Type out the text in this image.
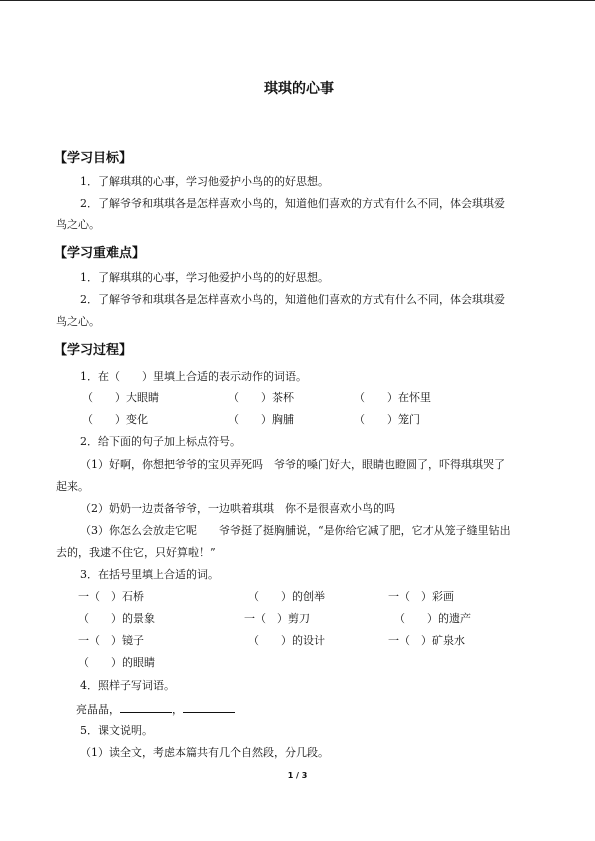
琪琪的心事
【学习目标】

1．了解琪琪的心事，学习他爱护小鸟的的好思想。

2．了解爷爷和琪琪各是怎样喜欢小鸟的，知道他们喜欢的方式有什么不同，体会琪琪爱

鸟之心。

【学习重难点】

1．了解琪琪的心事，学习他爱护小鸟的的好思想。

2．了解爷爷和琪琪各是怎样喜欢小鸟的，知道他们喜欢的方式有什么不同，体会琪琪爱

鸟之心。

【学习过程】

1．在（　　）里填上合适的表示动作的词语。

（　　）大眼睛	（　　）茶杯	（　　）在怀里
（　　）变化	（　　）胸脯	（　　）笼门

2．给下面的句子加上标点符号。

（1）好啊，你想把爷爷的宝贝弄死吗　爷爷的嗓门好大，眼睛也瞪圆了，吓得琪琪哭了

起来。

（2）奶奶一边责备爷爷，一边哄着琪琪　你不是很喜欢小鸟的吗

（3）你怎么会放走它呢　　爷爷挺了挺胸脯说，“是你给它减了肥，它才从笼子缝里钻出

去的，我逮不住它，只好算啦！”

3．在括号里填上合适的词。

一（　）石桥	（　　）的创举	一（　）彩画
（　　）的景象	一（　）剪刀	（　　）的遗产
一（　）镜子	（　　）的设计	一（　）矿泉水
（　　）的眼睛

4．照样子写词语。

亮晶晶，	，

5．课文说明。

（1）读全文，考虑本篇共有几个自然段，分几段。

1 / 3
